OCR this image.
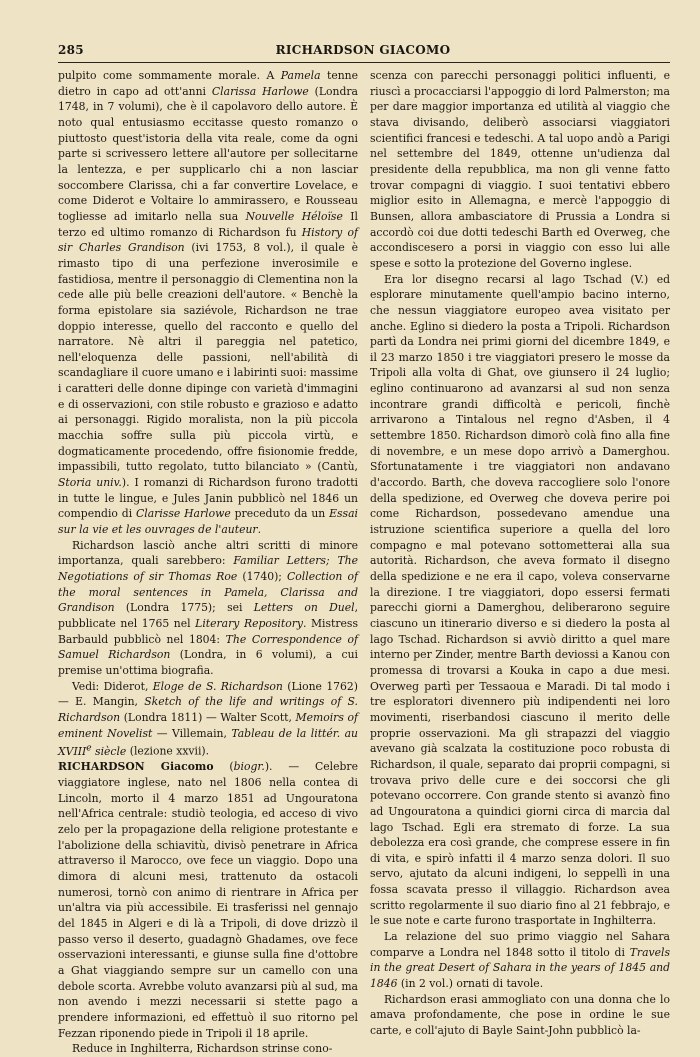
285	RICHARDSON GIACOMO

pulpito come sommamente morale. A Pamela tenne dietro in capo ad ott'anni Clarissa Harlowe (Londra 1748, in 7 volumi), che è il capolavoro dello autore. È noto qual entusiasmo eccitasse questo romanzo o piuttosto quest'istoria della vita reale, come da ogni parte si scrivessero lettere all'autore per sollecitarne la lentezza, e per supplicarlo chi a non lasciar soccombere Clarissa, chi a far convertire Lovelace, e come Diderot e Voltaire lo ammirassero, e Rousseau togliesse ad imitarlo nella sua Nouvelle Héloïse Il terzo ed ultimo romanzo di Richardson fu History of sir Charles Grandison (ivi 1753, 8 vol.), il quale è rimasto tipo di una perfezione inverosimile e fastidiosa, mentre il personaggio di Clementina non la cede alle più belle creazioni dell'autore. « Benchè la forma epistolare sia saziévole, Richardson ne trae doppio interesse, quello del racconto e quello del narratore. Nè altri il pareggia nel patetico, nell'eloquenza delle passioni, nell'abilità di scandagliare il cuore umano e i labirinti suoi: massime i caratteri delle donne dipinge con varietà d'immagini e di osservazioni, con stile robusto e grazioso e adatto ai personaggi. Rigido moralista, non la più piccola macchia soffre sulla più piccola virtù, e dogmaticamente procedendo, offre fisionomie fredde, impassibili, tutto regolato, tutto bilanciato » (Cantù, Storia univ.). I romanzi di Richardson furono tradotti in tutte le lingue, e Jules Janin pubblicò nel 1846 un compendio di Clarisse Harlowe preceduto da un Essai sur la vie et les ouvrages de l'auteur.

Richardson lasciò anche altri scritti di minore importanza, quali sarebbero: Familiar Letters; The Negotiations of sir Thomas Roe (1740); Collection of the moral sentences in Pamela, Clarissa and Grandison (Londra 1775); sei Letters on Duel, pubblicate nel 1765 nel Literary Repository. Mistress Barbauld pubblicò nel 1804: The Correspondence of Samuel Richardson (Londra, in 6 volumi), a cui premise un'ottima biografia.

Vedi: Diderot, Eloge de S. Richardson (Lione 1762) — E. Mangin, Sketch of the life and writings of S. Richardson (Londra 1811) — Walter Scott, Memoirs of eminent Novelist — Villemain, Tableau de la littér. au XVIIIe siècle (lezione xxvii).

RICHARDSON Giacomo (biogr.). — Celebre viaggiatore inglese, nato nel 1806 nella contea di Lincoln, morto il 4 marzo 1851 ad Ungouratona nell'Africa centrale: studiò teologia, ed acceso di vivo zelo per la propagazione della religione protestante e l'abolizione della schiavitù, divisò penetrare in Africa attraverso il Marocco, ove fece un viaggio. Dopo una dimora di alcuni mesi, trattenuto da ostacoli numerosi, tornò con animo di rientrare in Africa per un'altra via più accessibile. Ei trasferissi nel gennajo del 1845 in Algeri e di là a Tripoli, di dove drizzò il passo verso il deserto, guadagnò Ghadames, ove fece osservazioni interessanti, e giunse sulla fine d'ottobre a Ghat viaggiando sempre sur un camello con una debole scorta. Avrebbe voluto avanzarsi più al sud, ma non avendo i mezzi necessarii si stette pago a prendere informazioni, ed effettuò il suo ritorno pel Fezzan riponendo piede in Tripoli il 18 aprile.

Reduce in Inghilterra, Richardson strinse cono-

scenza con parecchi personaggi politici influenti, e riuscì a procacciarsi l'appoggio di lord Palmerston; ma per dare maggior importanza ed utilità al viaggio che stava divisando, deliberò associarsi viaggiatori scientifici francesi e tedeschi. A tal uopo andò a Parigi nel settembre del 1849, ottenne un'udienza dal presidente della repubblica, ma non gli venne fatto trovar compagni di viaggio. I suoi tentativi ebbero miglior esito in Allemagna, e mercè l'appoggio di Bunsen, allora ambasciatore di Prussia a Londra si accordò coi due dotti tedeschi Barth ed Overweg, che accondiscesero a porsi in viaggio con esso lui alle spese e sotto la protezione del Governo inglese.

Era lor disegno recarsi al lago Tschad (V.) ed esplorare minutamente quell'ampio bacino interno, che nessun viaggiatore europeo avea visitato per anche. Eglino si diedero la posta a Tripoli. Richardson partì da Londra nei primi giorni del dicembre 1849, e il 23 marzo 1850 i tre viaggiatori presero le mosse da Tripoli alla volta di Ghat, ove giunsero il 24 luglio; eglino continuarono ad avanzarsi al sud non senza incontrare grandi difficoltà e pericoli, finchè arrivarono a Tintalous nel regno d'Asben, il 4 settembre 1850. Richardson dimorò colà fino alla fine di novembre, e un mese dopo arrivò a Damerghou. Sfortunatamente i tre viaggiatori non andavano d'accordo. Barth, che doveva raccogliere solo l'onore della spedizione, ed Overweg che doveva perire poi come Richardson, possedevano amendue una istruzione scientifica superiore a quella del loro compagno e mal potevano sottometterai alla sua autorità. Richardson, che aveva formato il disegno della spedizione e ne era il capo, voleva conservarne la direzione. I tre viaggiatori, dopo essersi fermati parecchi giorni a Damerghou, deliberarono seguire ciascuno un itinerario diverso e si diedero la posta al lago Tschad. Richardson si avviò diritto a quel mare interno per Zinder, mentre Barth deviossi a Kanou con promessa di trovarsi a Kouka in capo a due mesi. Overweg partì per Tessaoua e Maradi. Di tal modo i tre esploratori divennero più indipendenti nei loro movimenti, riserbandosi ciascuno il merito delle proprie osservazioni. Ma gli strapazzi del viaggio avevano già scalzata la costituzione poco robusta di Richardson, il quale, separato dai proprii compagni, si trovava privo delle cure e dei soccorsi che gli potevano occorrere. Con grande stento si avanzò fino ad Ungouratona a quindici giorni circa di marcia dal lago Tschad. Egli era stremato di forze. La sua debolezza era così grande, che comprese essere in fin di vita, e spirò infatti il 4 marzo senza dolori. Il suo servo, ajutato da alcuni indigeni, lo seppellì in una fossa scavata presso il villaggio. Richardson avea scritto regolarmente il suo diario fino al 21 febbrajo, e le sue note e carte furono trasportate in Inghilterra.

La relazione del suo primo viaggio nel Sahara comparve a Londra nel 1848 sotto il titolo di Travels in the great Desert of Sahara in the years of 1845 and 1846 (in 2 vol.) ornati di tavole.

Richardson erasi ammogliato con una donna che lo amava profondamente, che pose in ordine le sue carte, e coll'ajuto di Bayle Saint-John pubblicò la-
